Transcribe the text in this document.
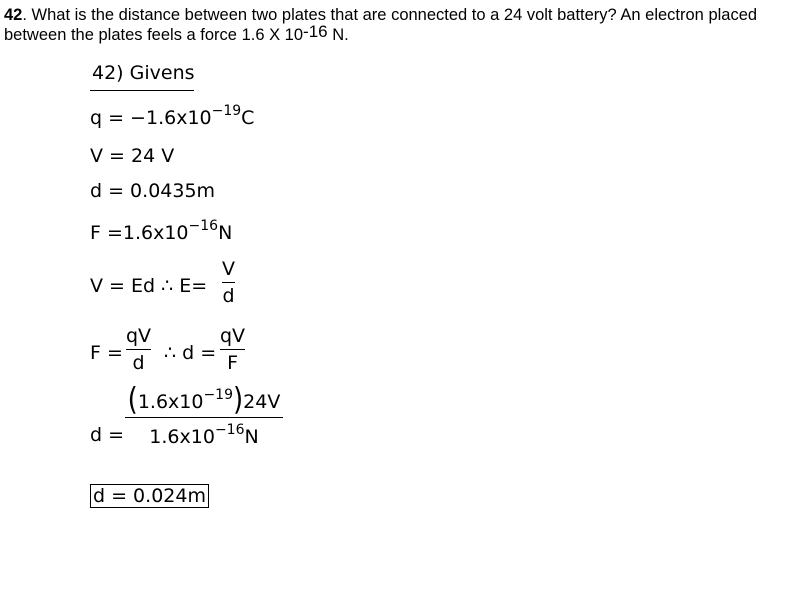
42. What is the distance between two plates that are connected to a 24 volt battery? An electron placed between the plates feels a force 1.6 X $10^{-16}$ N.
42) Givens
$q = -1.6x10^{-19}C$
V = 24 V
d = 0.0435m
$F =1.6x10^{-16}N$
V = Ed ∴ E=
V
d
F =
qV
d ∴ d =
qV
F
d =
$(1.6x10^{-19})24V$
$1.6x10^{-16}N$
d = 0.024m
